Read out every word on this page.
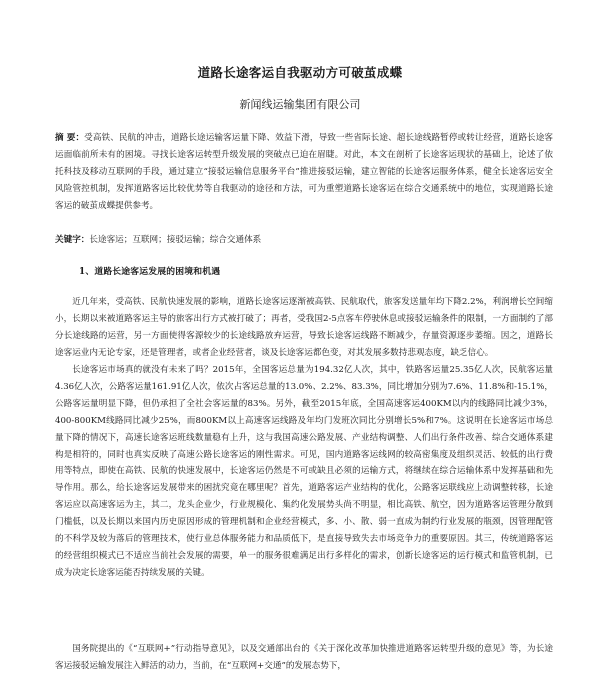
道路长途客运自我驱动方可破茧成蝶
新闻线运输集团有限公司

摘 要：受高铁、民航的冲击，道路长途运输客运量下降、效益下滑，导致一些省际长途、超长途线路暂停或转让经营，道路长途客运面临前所未有的困境。寻找长途客运转型升级发展的突破点已迫在眉睫。对此，本文在剖析了长途客运现状的基础上，论述了依托科技及移动互联网的手段，通过建立“接驳运输信息服务平台”推进接驳运输，建立智能的长途客运服务体系，健全长途客运安全风险管控机制，发挥道路客运比较优势等自我驱动的途径和方法，可为重塑道路长途客运在综合交通系统中的地位，实现道路长途客运的破茧成蝶提供参考。

关键字：长途客运；互联网；接驳运输；综合交通体系

1、道路长途客运发展的困境和机遇

近几年来，受高铁、民航快速发展的影响，道路长途客运逐渐被高铁、民航取代，旅客发送量年均下降2.2%，利润增长空间缩小，长期以来被道路客运主导的旅客出行方式被打破了；再者，受我国2-5点客车停驶休息或接驳运输条件的限制，一方面制约了部分长途线路的运营，另一方面使得客源较少的长途线路放弃运营，导致长途客运线路不断减少，存量资源逐步萎缩。因之，道路长途客运业内无论专家，还是管理者，或者企业经营者，谈及长途客运都色变，对其发展多数持悲观态度，缺乏信心。

长途客运市场真的就没有未来了吗？2015年，全国客运总量为194.32亿人次，其中，铁路客运量25.35亿人次，民航客运量4.36亿人次，公路客运量161.91亿人次，依次占客运总量的13.0%、2.2%、83.3%，同比增加分别为7.6%、11.8%和-15.1%，公路客运量明显下降，但仍承担了全社会客运量的83%。另外，截至2015年底，全国高速客运400KM以内的线路同比减少3%，400-800KM线路同比减少25%，而800KM以上高速客运线路及年均门发班次同比分别增长5%和7%。这说明在长途客运市场总量下降的情况下，高速长途客运班线数量稳有上升，这与我国高速公路发展、产业结构调整、人们出行条件改善、综合交通体系建构是相符的，同时也真实反映了高速公路长途客运的刚性需求。可见，国内道路客运线网的较高密集度及组织灵活、较低的出行费用等特点，即使在高铁、民航的快速发展中，长途客运仍然是不可或缺且必须的运输方式，将继续在综合运输体系中发挥基础和先导作用。那么，给长途客运发展带来的困扰究竟在哪里呢？首先，道路客运产业结构的优化，公路客运联线应上动调整转移，长途客运应以高速客运为主，其二，龙头企业少，行业规模化、集约化发展势头尚不明显，相比高铁、航空，因为道路客运管理分散到门槛低，以及长期以来国内历史原因形成的管理机制和企业经营模式，多、小、散、弱一直成为制约行业发展的瓶颈，因管理配管的不科学及较为落后的管理技术，使行业总体服务能力和品质低下，是直接导致失去市场竞争力的重要原因。其三，传统道路客运的经营组织模式已不适应当前社会发展的需要，单一的服务很难满足出行多样化的需求，创新长途客运的运行模式和监管机制，已成为决定长途客运能否持续发展的关键。

国务院提出的《“互联网+”行动指导意见》，以及交通部出台的《关于深化改革加快推进道路客运转型升级的意见》等，为长途客运接驳运输发展注入鲜活的动力，当前，在“互联网+交通”的发展态势下，
